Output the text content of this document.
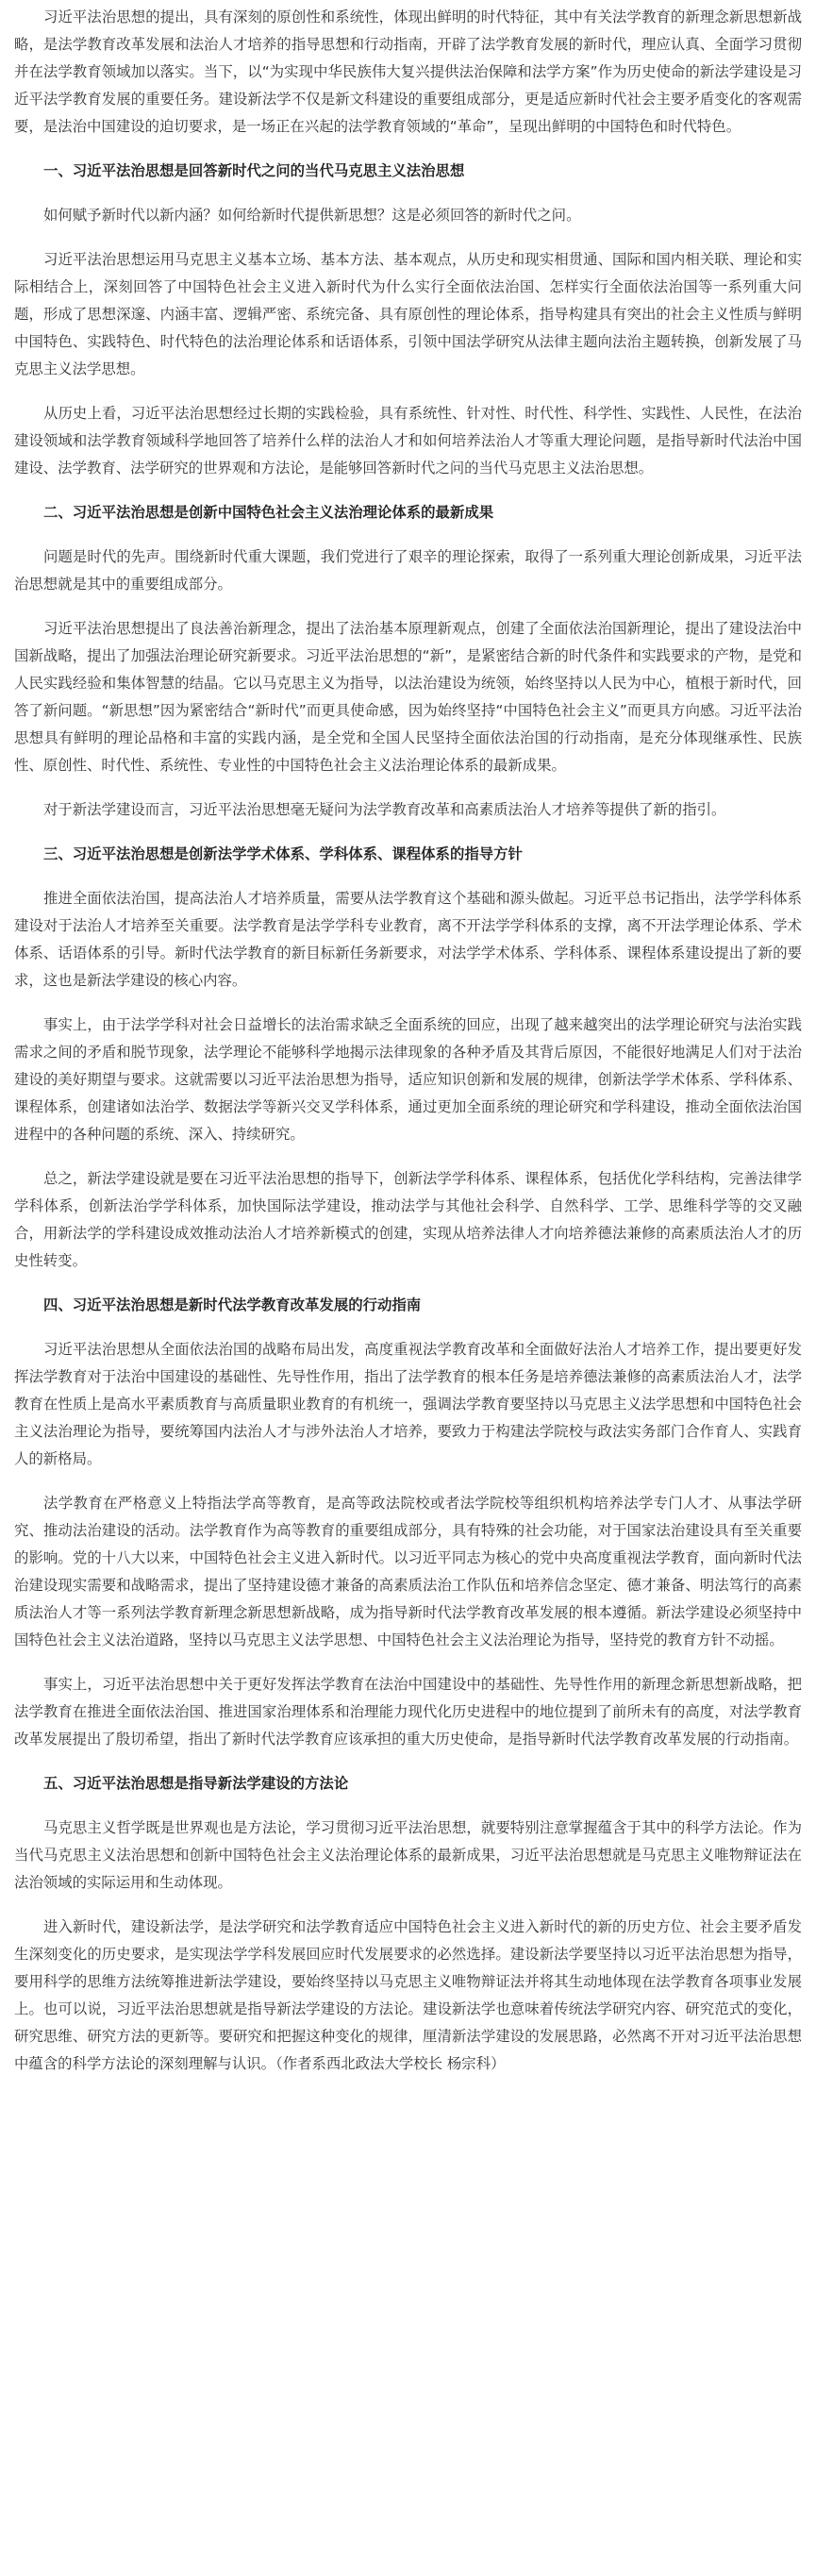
习近平法治思想的提出，具有深刻的原创性和系统性，体现出鲜明的时代特征，其中有关法学教育的新理念新思想新战略，是法学教育改革发展和法治人才培养的指导思想和行动指南，开辟了法学教育发展的新时代，理应认真、全面学习贯彻并在法学教育领域加以落实。当下，以“为实现中华民族伟大复兴提供法治保障和法学方案”作为历史使命的新法学建设是习近平法学教育发展的重要任务。建设新法学不仅是新文科建设的重要组成部分，更是适应新时代社会主要矛盾变化的客观需要，是法治中国建设的迫切要求，是一场正在兴起的法学教育领域的“革命”，呈现出鲜明的中国特色和时代特色。

一、习近平法治思想是回答新时代之问的当代马克思主义法治思想

如何赋予新时代以新内涵？如何给新时代提供新思想？这是必须回答的新时代之问。

习近平法治思想运用马克思主义基本立场、基本方法、基本观点，从历史和现实相贯通、国际和国内相关联、理论和实际相结合上，深刻回答了中国特色社会主义进入新时代为什么实行全面依法治国、怎样实行全面依法治国等一系列重大问题，形成了思想深邃、内涵丰富、逻辑严密、系统完备、具有原创性的理论体系，指导构建具有突出的社会主义性质与鲜明中国特色、实践特色、时代特色的法治理论体系和话语体系，引领中国法学研究从法律主题向法治主题转换，创新发展了马克思主义法学思想。

从历史上看，习近平法治思想经过长期的实践检验，具有系统性、针对性、时代性、科学性、实践性、人民性，在法治建设领域和法学教育领域科学地回答了培养什么样的法治人才和如何培养法治人才等重大理论问题，是指导新时代法治中国建设、法学教育、法学研究的世界观和方法论，是能够回答新时代之问的当代马克思主义法治思想。

二、习近平法治思想是创新中国特色社会主义法治理论体系的最新成果

问题是时代的先声。围绕新时代重大课题，我们党进行了艰辛的理论探索，取得了一系列重大理论创新成果，习近平法治思想就是其中的重要组成部分。

习近平法治思想提出了良法善治新理念，提出了法治基本原理新观点，创建了全面依法治国新理论，提出了建设法治中国新战略，提出了加强法治理论研究新要求。习近平法治思想的“新”，是紧密结合新的时代条件和实践要求的产物，是党和人民实践经验和集体智慧的结晶。它以马克思主义为指导，以法治建设为统领，始终坚持以人民为中心，植根于新时代，回答了新问题。“新思想”因为紧密结合“新时代”而更具使命感，因为始终坚持“中国特色社会主义”而更具方向感。习近平法治思想具有鲜明的理论品格和丰富的实践内涵，是全党和全国人民坚持全面依法治国的行动指南，是充分体现继承性、民族性、原创性、时代性、系统性、专业性的中国特色社会主义法治理论体系的最新成果。

对于新法学建设而言，习近平法治思想毫无疑问为法学教育改革和高素质法治人才培养等提供了新的指引。

三、习近平法治思想是创新法学学术体系、学科体系、课程体系的指导方针

推进全面依法治国，提高法治人才培养质量，需要从法学教育这个基础和源头做起。习近平总书记指出，法学学科体系建设对于法治人才培养至关重要。法学教育是法学学科专业教育，离不开法学学科体系的支撑，离不开法学理论体系、学术体系、话语体系的引导。新时代法学教育的新目标新任务新要求，对法学学术体系、学科体系、课程体系建设提出了新的要求，这也是新法学建设的核心内容。

事实上，由于法学学科对社会日益增长的法治需求缺乏全面系统的回应，出现了越来越突出的法学理论研究与法治实践需求之间的矛盾和脱节现象，法学理论不能够科学地揭示法律现象的各种矛盾及其背后原因，不能很好地满足人们对于法治建设的美好期望与要求。这就需要以习近平法治思想为指导，适应知识创新和发展的规律，创新法学学术体系、学科体系、课程体系，创建诸如法治学、数据法学等新兴交叉学科体系，通过更加全面系统的理论研究和学科建设，推动全面依法治国进程中的各种问题的系统、深入、持续研究。

总之，新法学建设就是要在习近平法治思想的指导下，创新法学学科体系、课程体系，包括优化学科结构，完善法律学学科体系，创新法治学学科体系，加快国际法学建设，推动法学与其他社会科学、自然科学、工学、思维科学等的交叉融合，用新法学的学科建设成效推动法治人才培养新模式的创建，实现从培养法律人才向培养德法兼修的高素质法治人才的历史性转变。

四、习近平法治思想是新时代法学教育改革发展的行动指南

习近平法治思想从全面依法治国的战略布局出发，高度重视法学教育改革和全面做好法治人才培养工作，提出要更好发挥法学教育对于法治中国建设的基础性、先导性作用，指出了法学教育的根本任务是培养德法兼修的高素质法治人才，法学教育在性质上是高水平素质教育与高质量职业教育的有机统一，强调法学教育要坚持以马克思主义法学思想和中国特色社会主义法治理论为指导，要统筹国内法治人才与涉外法治人才培养，要致力于构建法学院校与政法实务部门合作育人、实践育人的新格局。

法学教育在严格意义上特指法学高等教育，是高等政法院校或者法学院校等组织机构培养法学专门人才、从事法学研究、推动法治建设的活动。法学教育作为高等教育的重要组成部分，具有特殊的社会功能，对于国家法治建设具有至关重要的影响。党的十八大以来，中国特色社会主义进入新时代。以习近平同志为核心的党中央高度重视法学教育，面向新时代法治建设现实需要和战略需求，提出了坚持建设德才兼备的高素质法治工作队伍和培养信念坚定、德才兼备、明法笃行的高素质法治人才等一系列法学教育新理念新思想新战略，成为指导新时代法学教育改革发展的根本遵循。新法学建设必须坚持中国特色社会主义法治道路，坚持以马克思主义法学思想、中国特色社会主义法治理论为指导，坚持党的教育方针不动摇。

事实上，习近平法治思想中关于更好发挥法学教育在法治中国建设中的基础性、先导性作用的新理念新思想新战略，把法学教育在推进全面依法治国、推进国家治理体系和治理能力现代化历史进程中的地位提到了前所未有的高度，对法学教育改革发展提出了殷切希望，指出了新时代法学教育应该承担的重大历史使命，是指导新时代法学教育改革发展的行动指南。

五、习近平法治思想是指导新法学建设的方法论

马克思主义哲学既是世界观也是方法论，学习贯彻习近平法治思想，就要特别注意掌握蕴含于其中的科学方法论。作为当代马克思主义法治思想和创新中国特色社会主义法治理论体系的最新成果，习近平法治思想就是马克思主义唯物辩证法在法治领域的实际运用和生动体现。

进入新时代，建设新法学，是法学研究和法学教育适应中国特色社会主义进入新时代的新的历史方位、社会主要矛盾发生深刻变化的历史要求，是实现法学学科发展回应时代发展要求的必然选择。建设新法学要坚持以习近平法治思想为指导，要用科学的思维方法统筹推进新法学建设，要始终坚持以马克思主义唯物辩证法并将其生动地体现在法学教育各项事业发展上。也可以说，习近平法治思想就是指导新法学建设的方法论。建设新法学也意味着传统法学研究内容、研究范式的变化，研究思维、研究方法的更新等。要研究和把握这种变化的规律，厘清新法学建设的发展思路，必然离不开对习近平法治思想中蕴含的科学方法论的深刻理解与认识。（作者系西北政法大学校长 杨宗科）
